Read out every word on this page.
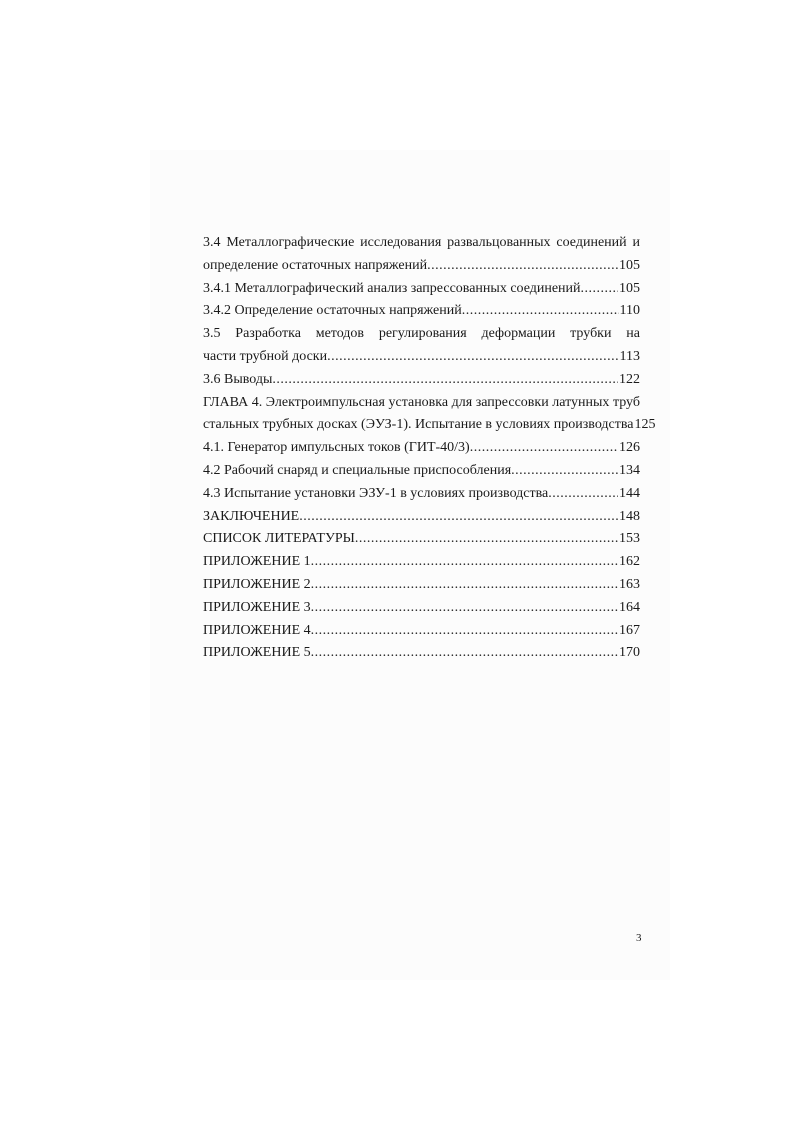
3.4 Металлографические исследования развальцованных соединений и
определение остаточных напряжений .....	105
3.4.1 Металлографический анализ запрессованных соединений .....	105
3.4.2 Определение остаточных напряжений .....	110
3.5 Разработка методов регулирования деформации трубки на
части трубной доски .....	113
3.6 Выводы .....	122
ГЛАВА 4. Электроимпульсная установка для запрессовки латунных труб
стальных трубных досках (ЭУЗ-1). Испытание в условиях производства 125
4.1. Генератор импульсных токов (ГИТ-40/3) .....	126
4.2 Рабочий снаряд и специальные приспособления .....	134
4.3 Испытание установки ЭЗУ-1 в условиях производства .....	144
ЗАКЛЮЧЕНИЕ .....	148
СПИСОК ЛИТЕРАТУРЫ .....	153
ПРИЛОЖЕНИЕ 1 .....	162
ПРИЛОЖЕНИЕ 2 .....	163
ПРИЛОЖЕНИЕ 3 .....	164
ПРИЛОЖЕНИЕ 4 .....	167
ПРИЛОЖЕНИЕ 5 .....	170
3
